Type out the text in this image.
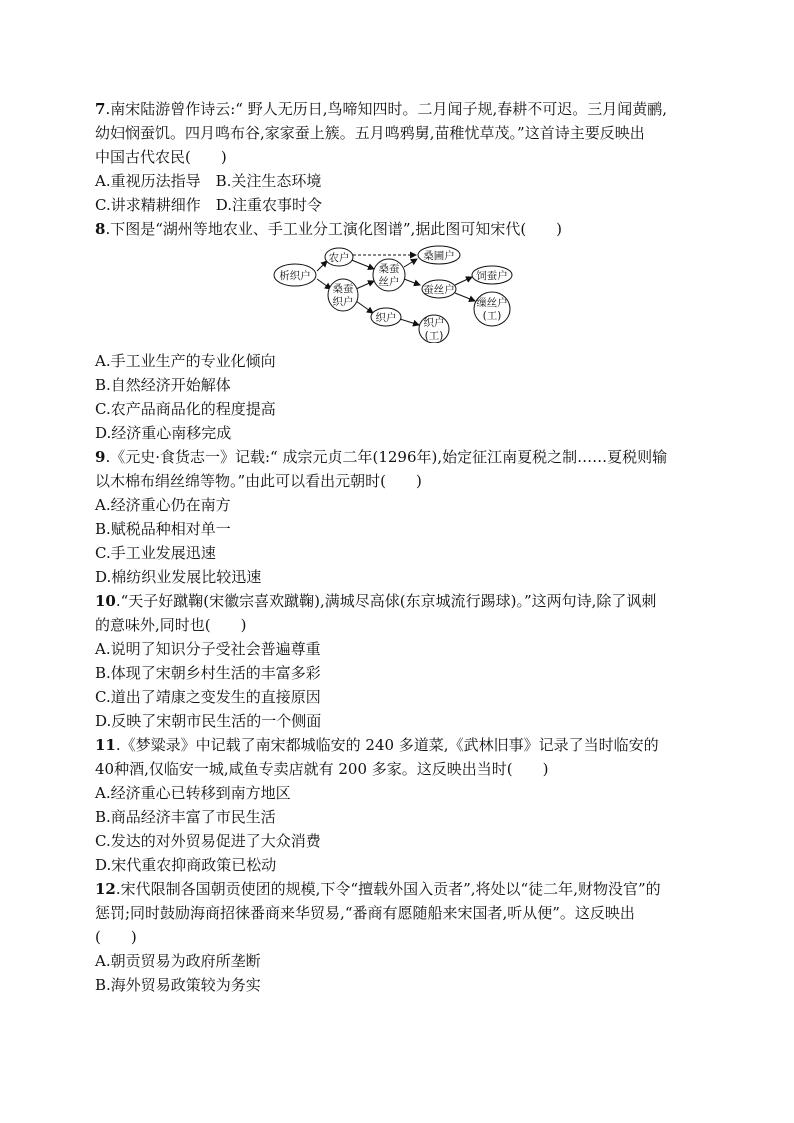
7.南宋陆游曾作诗云:“ 野人无历日,鸟啼知四时。二月闻子规,春耕不可迟。三月闻黄鹂,
幼妇悯蚕饥。四月鸣布谷,家家蚕上簇。五月鸣鸦舅,苗稚忧草茂。”这首诗主要反映出
中国古代农民(　　)
A.重视历法指导　B.关注生态环境
C.讲求精耕细作　D.注重农事时令
8.下图是“湖州等地农业、手工业分工演化图谱”,据此图可知宋代(　　)
析织户
农户
桑蚕
织户
桑蚕
丝户
桑圃户
织户
蚕丝户
饲蚕户
缫丝户
(工)
织户
(工)
A.手工业生产的专业化倾向
B.自然经济开始解体
C.农产品商品化的程度提高
D.经济重心南移完成
9.《元史·食货志一》记载:“ 成宗元贞二年(1296年),始定征江南夏税之制……夏税则输
以木棉布绢丝绵等物。”由此可以看出元朝时(　　)
A.经济重心仍在南方
B.赋税品种相对单一
C.手工业发展迅速
D.棉纺织业发展比较迅速
10.“天子好蹴鞠(宋徽宗喜欢蹴鞠),满城尽高俅(东京城流行踢球)。”这两句诗,除了讽刺
的意味外,同时也(　　)
A.说明了知识分子受社会普遍尊重
B.体现了宋朝乡村生活的丰富多彩
C.道出了靖康之变发生的直接原因
D.反映了宋朝市民生活的一个侧面
11.《梦粱录》中记载了南宋都城临安的 240 多道菜,《武林旧事》记录了当时临安的
40种酒,仅临安一城,咸鱼专卖店就有 200 多家。这反映出当时(　　)
A.经济重心已转移到南方地区
B.商品经济丰富了市民生活
C.发达的对外贸易促进了大众消费
D.宋代重农抑商政策已松动
12.宋代限制各国朝贡使团的规模,下令“擅载外国入贡者”,将处以“徒二年,财物没官”的
惩罚;同时鼓励海商招徕番商来华贸易,“番商有愿随船来宋国者,听从便”。这反映出
(　　)
A.朝贡贸易为政府所垄断
B.海外贸易政策较为务实
